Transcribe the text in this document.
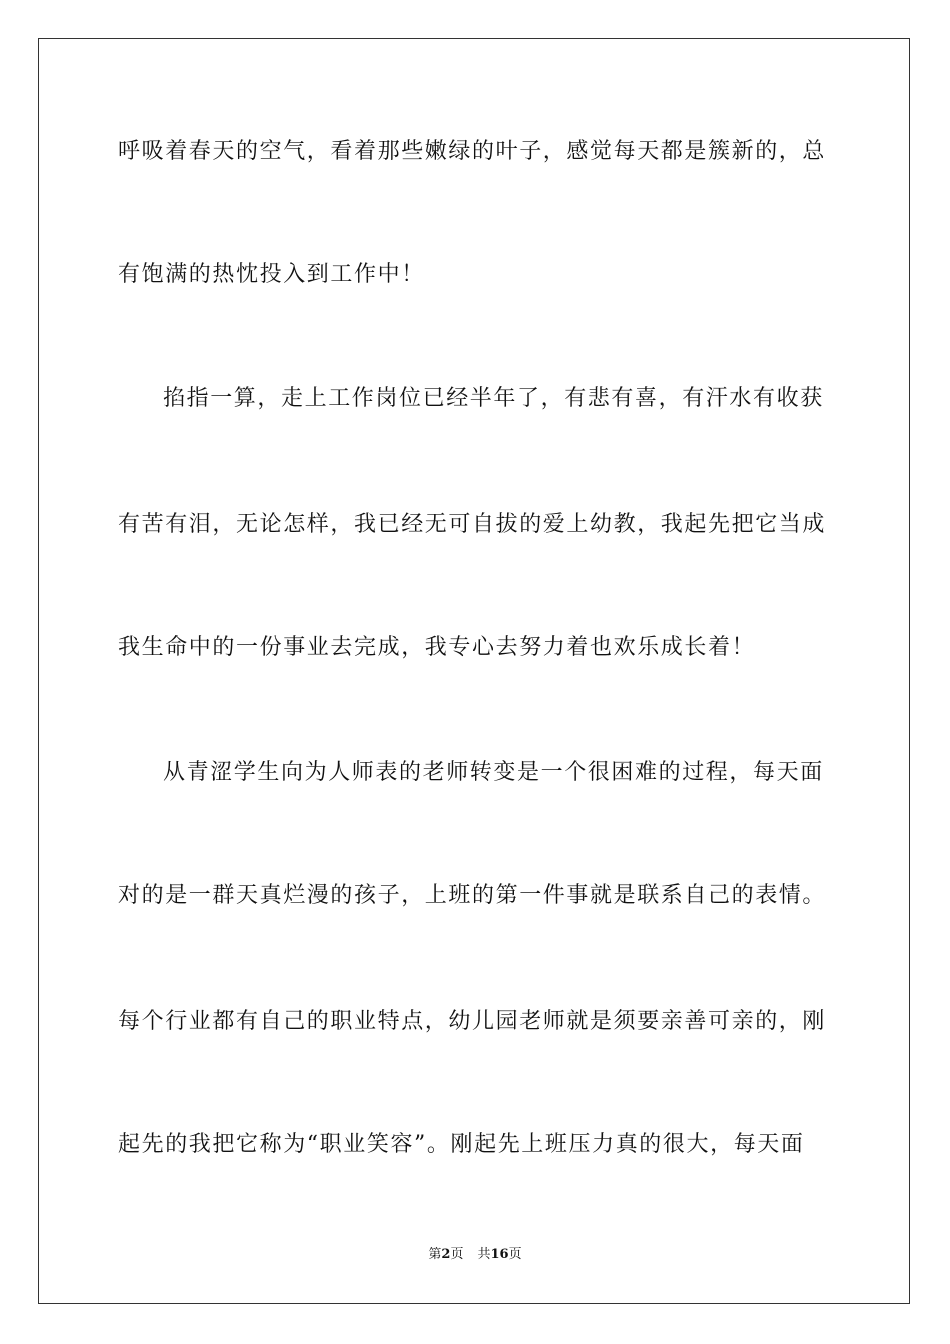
呼吸着春天的空气，看着那些嫩绿的叶子，感觉每天都是簇新的，总
有饱满的热忱投入到工作中！
掐指一算，走上工作岗位已经半年了，有悲有喜，有汗水有收获
有苦有泪，无论怎样，我已经无可自拔的爱上幼教，我起先把它当成
我生命中的一份事业去完成，我专心去努力着也欢乐成长着！
从青涩学生向为人师表的老师转变是一个很困难的过程，每天面
对的是一群天真烂漫的孩子，上班的第一件事就是联系自己的表情。
每个行业都有自己的职业特点，幼儿园老师就是须要亲善可亲的，刚
起先的我把它称为“职业笑容”。刚起先上班压力真的很大，每天面
第2页 共16页
